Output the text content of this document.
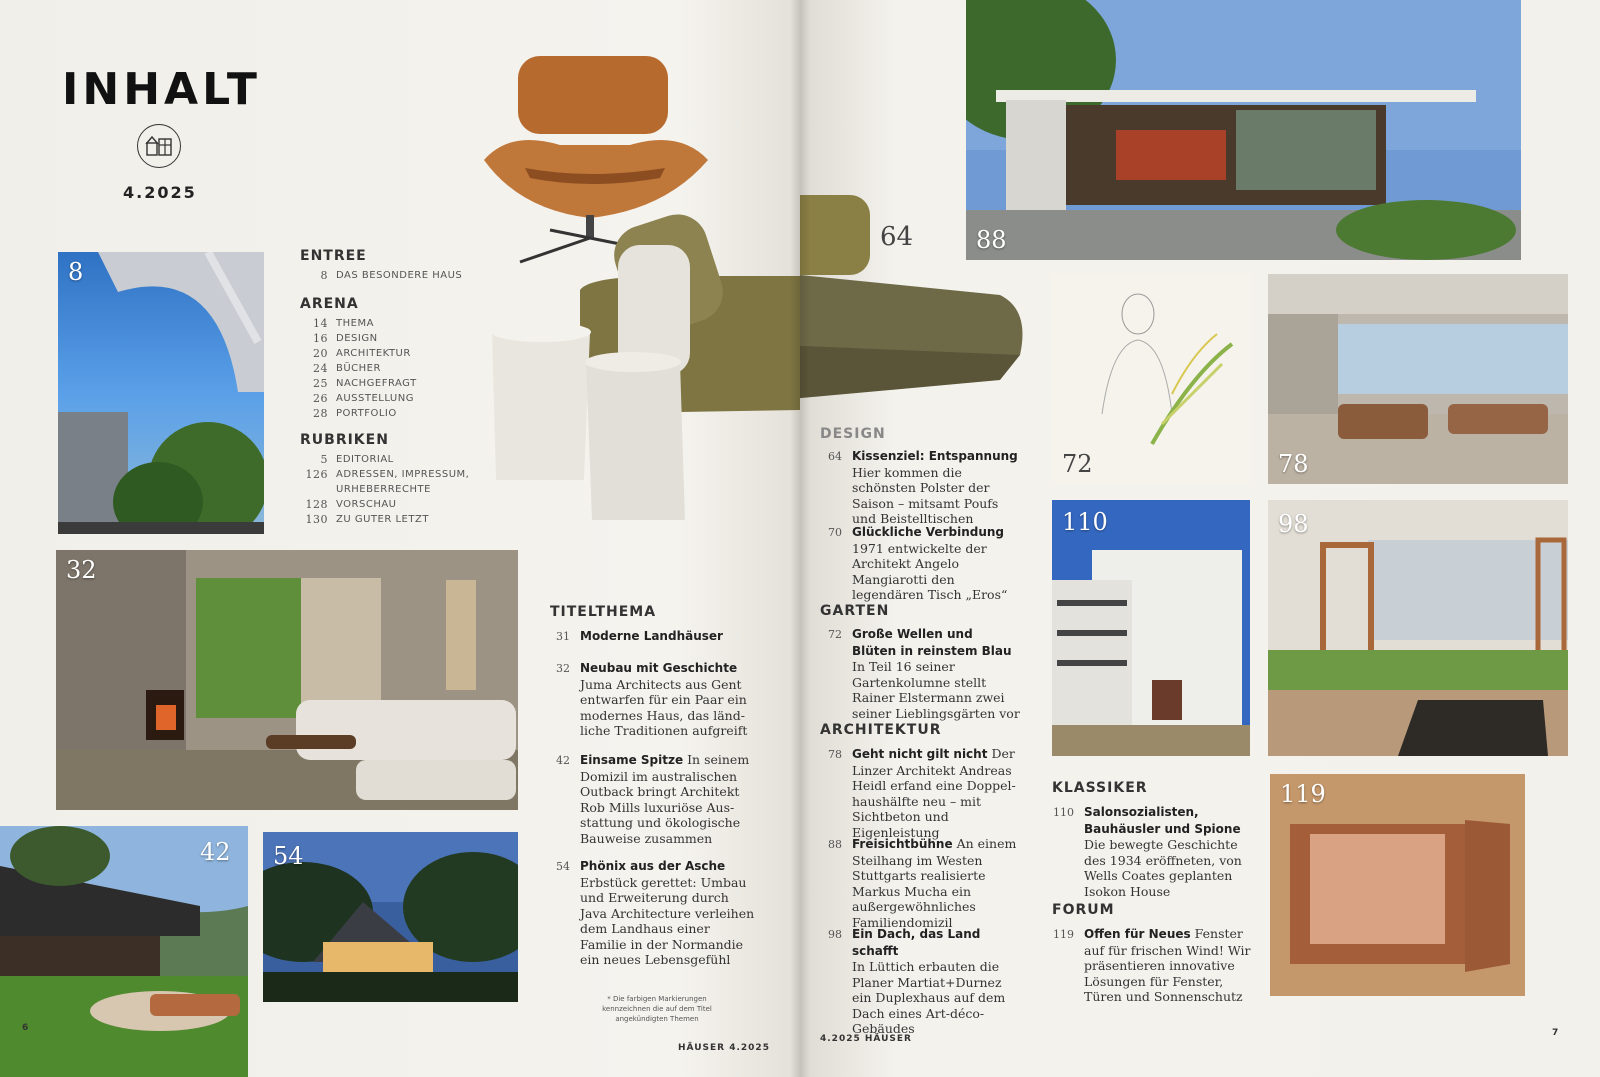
INHALT
4.2025
8
ENTREE
8 DAS BESONDERE HAUS
ARENA
14 THEMA
16 DESIGN
20 ARCHITEKTUR
24 BÜCHER
25 NACHGEFRAGT
26 AUSSTELLUNG
28 PORTFOLIO
RUBRIKEN
5 EDITORIAL
126 ADRESSEN, IMPRESSUM, URHEBERRECHTE
128 VORSCHAU
130 ZU GUTER LETZT
32
42 54
TITELTHEMA
31 Moderne Landhäuser
32 Neubau mit Geschichte
Juma Architects aus Gent entwarfen für ein Paar ein modernes Haus, das ländliche Traditionen aufgreift
42 Einsame Spitze In seinem Domizil im australischen Outback bringt Architekt Rob Mills luxuriöse Ausstattung und ökologische Bauweise zusammen
54 Phönix aus der Asche
Erbstück gerettet: Umbau und Erweiterung durch Java Architecture verleihen dem Landhaus einer Familie in der Normandie ein neues Lebensgefühl
* Die farbigen Markierungen kennzeichnen die auf dem Titel angekündigten Themen
6
HÄUSER 4.2025
64	88
72	78
110	98
119
DESIGN
64 Kissenziel: Entspannung
Hier kommen die schönsten Polster der Saison – mitsamt Poufs und Beistelltischen
70 Glückliche Verbindung
1971 entwickelte der Architekt Angelo Mangiarotti den legendären Tisch „Eros“
GARTEN
72 Große Wellen und Blüten in reinstem Blau In Teil 16 seiner Gartenkolumne stellt Rainer Elstermann zwei seiner Lieblingsgärten vor
ARCHITEKTUR
78 Geht nicht gilt nicht Der Linzer Architekt Andreas Heidl erfand eine Doppelhaushälfte neu – mit Sichtbeton und Eigenleistung
88 Freisichtbühne An einem Steilhang im Westen Stuttgarts realisierte Markus Mucha ein außergewöhnliches Familiendomizil
98 Ein Dach, das Land schafft
In Lüttich erbauten die Planer Martiat+Durnez ein Duplexhaus auf dem Dach eines Art-déco-Gebäudes
KLASSIKER
110 Salonsozialisten, Bauhäusler und Spione Die bewegte Geschichte des 1934 eröffneten, von Wells Coates geplanten Isokon House
FORUM
119 Offen für Neues Fenster auf für frischen Wind! Wir präsentieren innovative Lösungen für Fenster, Türen und Sonnenschutz
4.2025 HÄUSER
7
